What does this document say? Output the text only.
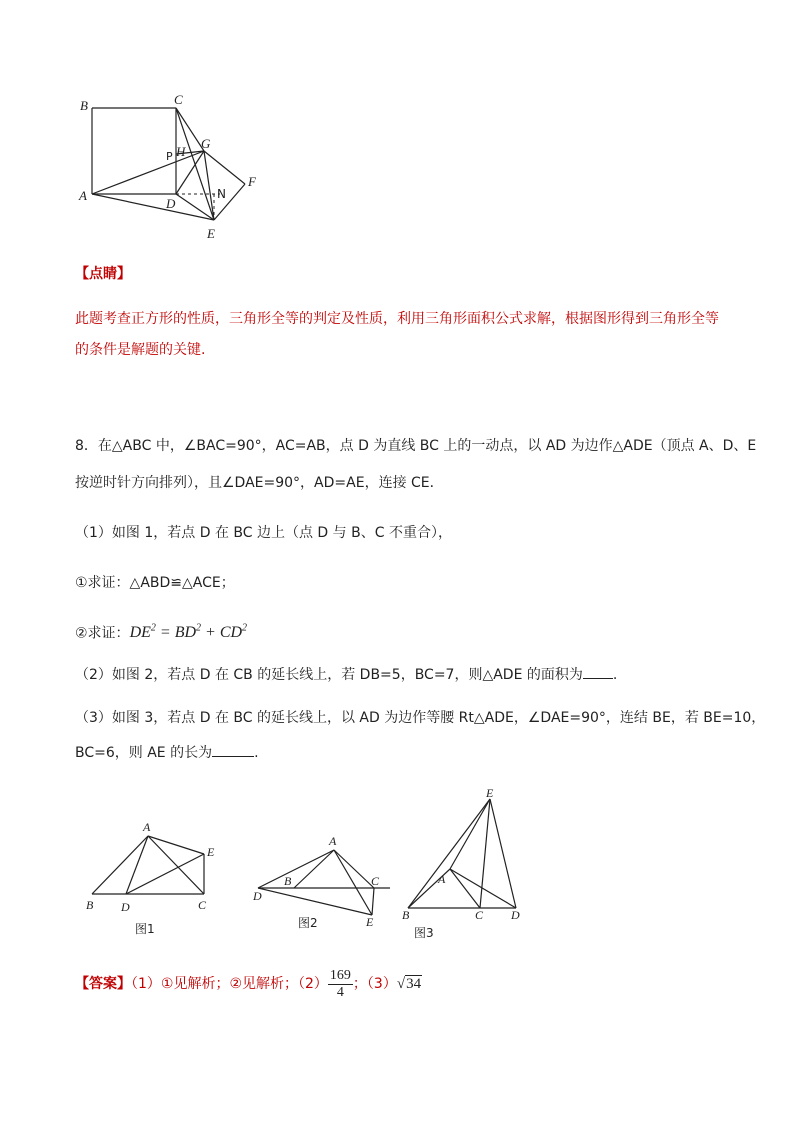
B	C
P H
G
A
D
N
F
E
【点睛】
此题考查正方形的性质，三角形全等的判定及性质，利用三角形面积公式求解，根据图形得到三角形全等
的条件是解题的关键.
8．在△ABC 中，∠BAC=90°，AC=AB，点 D 为直线 BC 上的一动点，以 AD 为边作△ADE（顶点 A、D、E
按逆时针方向排列），且∠DAE=90°，AD=AE，连接 CE．
（1）如图 1，若点 D 在 BC 边上（点 D 与 B、C 不重合），
①求证：△ABD≌△ACE；
②求证：$DE^2 = BD^2 + CD^2$
（2）如图 2，若点 D 在 CB 的延长线上，若 DB=5，BC=7，则△ADE 的面积为 .
（3）如图 3，若点 D 在 BC 的延长线上，以 AD 为边作等腰 Rt△ADE，∠DAE=90°，连结 BE，若 BE=10，
BC=6，则 AE 的长为	.
A
E
B D	C
图1
A
B	C
D
E
图2
E
A
B	C D
图3
【答案】（1）①见解析；②见解析；$(2) \frac{169}{4}$ ；（3）√34
